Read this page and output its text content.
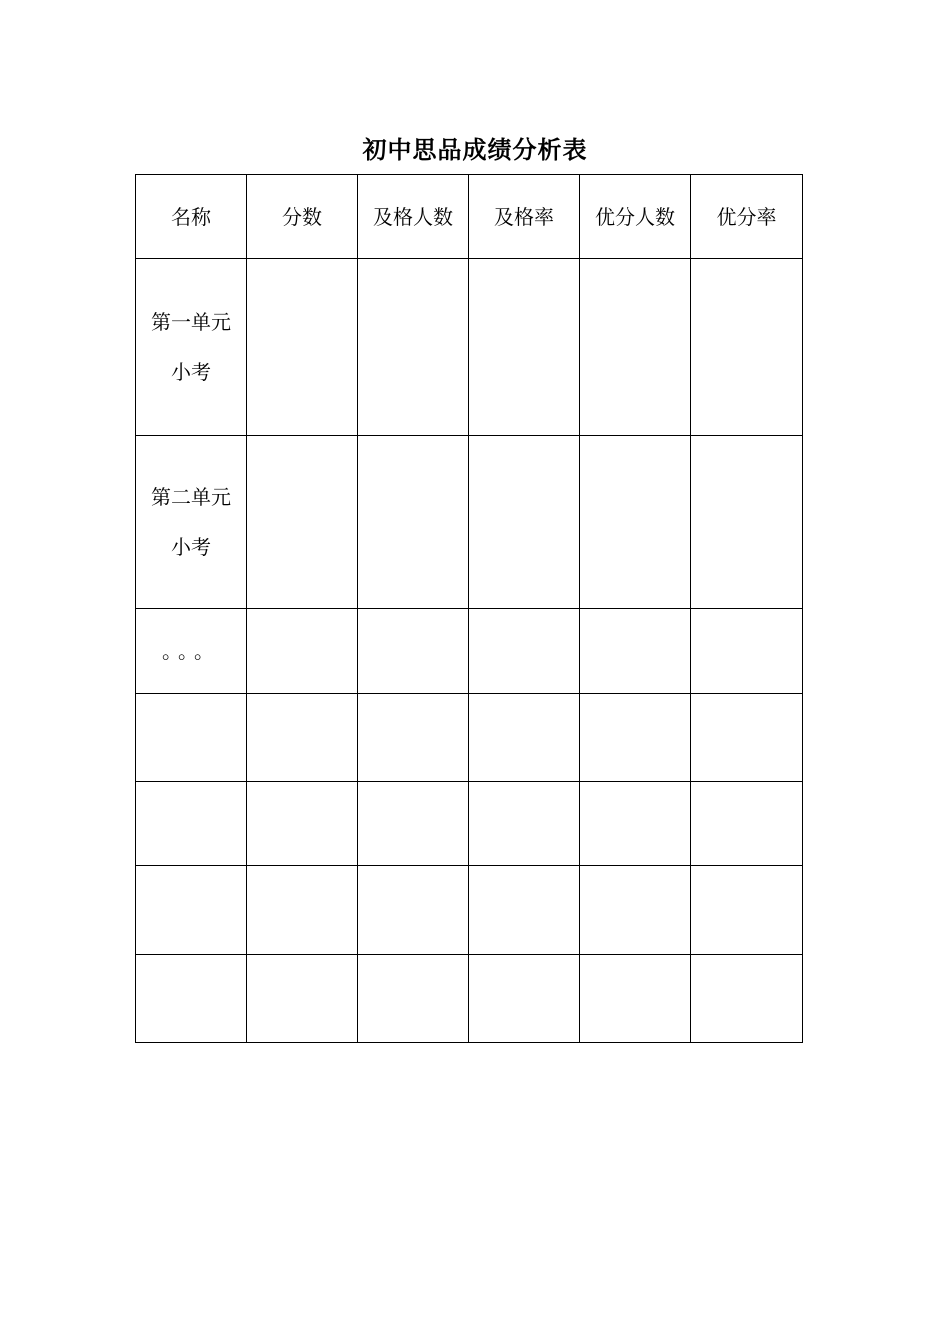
初中思品成绩分析表
名称	分数	及格人数	及格率	优分人数	优分率

第一单元
小考					

第二单元
小考					

。。。					
